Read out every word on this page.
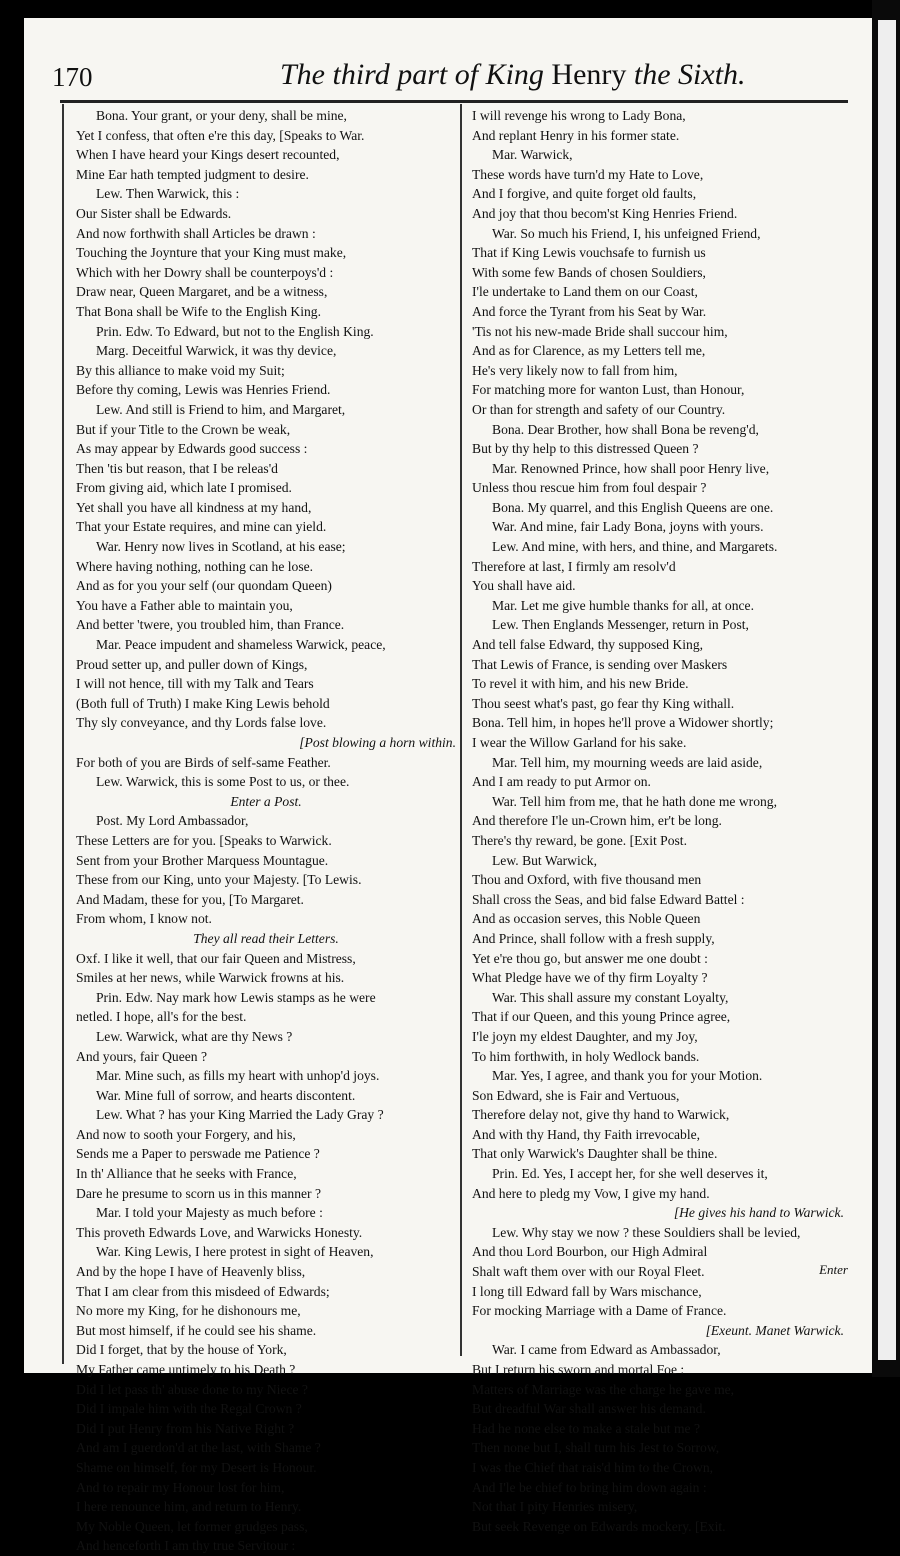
170	The third part of King Henry the Sixth.
Bona. Your grant, or your deny, shall be mine,
Yet I confess, that often e're this day, [Speaks to War.
When I have heard your Kings desert recounted,
Mine Ear hath tempted judgment to desire.
Lew. Then Warwick, this :
Our Sister shall be Edwards.
And now forthwith shall Articles be drawn :
Touching the Joynture that your King must make,
Which with her Dowry shall be counterpoys'd :
Draw near, Queen Margaret, and be a witness,
That Bona shall be Wife to the English King.
Prin. Edw. To Edward, but not to the English King.
Marg. Deceitful Warwick, it was thy device,
By this alliance to make void my Suit;
Before thy coming, Lewis was Henries Friend.
Lew. And still is Friend to him, and Margaret,
But if your Title to the Crown be weak,
As may appear by Edwards good success :
Then 'tis but reason, that I be releas'd
From giving aid, which late I promised.
Yet shall you have all kindness at my hand,
That your Estate requires, and mine can yield.
War. Henry now lives in Scotland, at his ease;
Where having nothing, nothing can he lose.
And as for you your self (our quondam Queen)
You have a Father able to maintain you,
And better 'twere, you troubled him, than France.
Mar. Peace impudent and shameless Warwick, peace,
Proud setter up, and puller down of Kings,
I will not hence, till with my Talk and Tears
(Both full of Truth) I make King Lewis behold
Thy sly conveyance, and thy Lords false love.
[Post blowing a horn within.
For both of you are Birds of self-same Feather.
Lew. Warwick, this is some Post to us, or thee.
Enter a Post.
Post. My Lord Ambassador,
These Letters are for you. [Speaks to Warwick.
Sent from your Brother Marquess Mountague.
These from our King, unto your Majesty. [To Lewis.
And Madam, these for you, [To Margaret.
From whom, I know not.
They all read their Letters.
Oxf. I like it well, that our fair Queen and Mistress,
Smiles at her news, while Warwick frowns at his.
Prin. Edw. Nay mark how Lewis stamps as he were
netled. I hope, all's for the best.
Lew. Warwick, what are thy News ?
And yours, fair Queen ?
Mar. Mine such, as fills my heart with unhop'd joys.
War. Mine full of sorrow, and hearts discontent.
Lew. What ? has your King Married the Lady Gray ?
And now to sooth your Forgery, and his,
Sends me a Paper to perswade me Patience ?
In th' Alliance that he seeks with France,
Dare he presume to scorn us in this manner ?
Mar. I told your Majesty as much before :
This proveth Edwards Love, and Warwicks Honesty.
War. King Lewis, I here protest in sight of Heaven,
And by the hope I have of Heavenly bliss,
That I am clear from this misdeed of Edwards;
No more my King, for he dishonours me,
But most himself, if he could see his shame.
Did I forget, that by the house of York,
My Father came untimely to his Death ?
Did I let pass th' abuse done to my Niece ?
Did I impale him with the Regal Crown ?
Did I put Henry from his Native Right ?
And am I guerdon'd at the last, with Shame ?
Shame on himself, for my Desert is Honour.
And to repair my Honour lost for him,
I here renounce him, and return to Henry.
My Noble Queen, let former grudges pass,
And henceforth I am thy true Servitour :
I will revenge his wrong to Lady Bona,
And replant Henry in his former state.
Mar. Warwick,
These words have turn'd my Hate to Love,
And I forgive, and quite forget old faults,
And joy that thou becom'st King Henries Friend.
War. So much his Friend, I, his unfeigned Friend,
That if King Lewis vouchsafe to furnish us
With some few Bands of chosen Souldiers,
I'le undertake to Land them on our Coast,
And force the Tyrant from his Seat by War.
'Tis not his new-made Bride shall succour him,
And as for Clarence, as my Letters tell me,
He's very likely now to fall from him,
For matching more for wanton Lust, than Honour,
Or than for strength and safety of our Country.
Bona. Dear Brother, how shall Bona be reveng'd,
But by thy help to this distressed Queen ?
Mar. Renowned Prince, how shall poor Henry live,
Unless thou rescue him from foul despair ?
Bona. My quarrel, and this English Queens are one.
War. And mine, fair Lady Bona, joyns with yours.
Lew. And mine, with hers, and thine, and Margarets.
Therefore at last, I firmly am resolv'd
You shall have aid.
Mar. Let me give humble thanks for all, at once.
Lew. Then Englands Messenger, return in Post,
And tell false Edward, thy supposed King,
That Lewis of France, is sending over Maskers
To revel it with him, and his new Bride.
Thou seest what's past, go fear thy King withall.
Bona. Tell him, in hopes he'll prove a Widower shortly;
I wear the Willow Garland for his sake.
Mar. Tell him, my mourning weeds are laid aside,
And I am ready to put Armor on.
War. Tell him from me, that he hath done me wrong,
And therefore I'le un-Crown him, er't be long.
There's thy reward, be gone. [Exit Post.
Lew. But Warwick,
Thou and Oxford, with five thousand men
Shall cross the Seas, and bid false Edward Battel :
And as occasion serves, this Noble Queen
And Prince, shall follow with a fresh supply,
Yet e're thou go, but answer me one doubt :
What Pledge have we of thy firm Loyalty ?
War. This shall assure my constant Loyalty,
That if our Queen, and this young Prince agree,
I'le joyn my eldest Daughter, and my Joy,
To him forthwith, in holy Wedlock bands.
Mar. Yes, I agree, and thank you for your Motion.
Son Edward, she is Fair and Vertuous,
Therefore delay not, give thy hand to Warwick,
And with thy Hand, thy Faith irrevocable,
That only Warwick's Daughter shall be thine.
Prin. Ed. Yes, I accept her, for she well deserves it,
And here to pledg my Vow, I give my hand.
[He gives his hand to Warwick.
Lew. Why stay we now ? these Souldiers shall be levied,
And thou Lord Bourbon, our High Admiral
Shalt waft them over with our Royal Fleet.
I long till Edward fall by Wars mischance,
For mocking Marriage with a Dame of France.
[Exeunt. Manet Warwick.
War. I came from Edward as Ambassador,
But I return his sworn and mortal Foe :
Matters of Marriage was the charge he gave me,
But dreadful War shall answer his demand.
Had he none else to make a stale but me ?
Then none but I, shall turn his Jest to Sorrow,
I was the Chief that rais'd him to the Crown,
And I'le be chief to bring him down again :
Not that I pity Henries misery,
But seek Revenge on Edwards mockery. [Exit.
Enter
